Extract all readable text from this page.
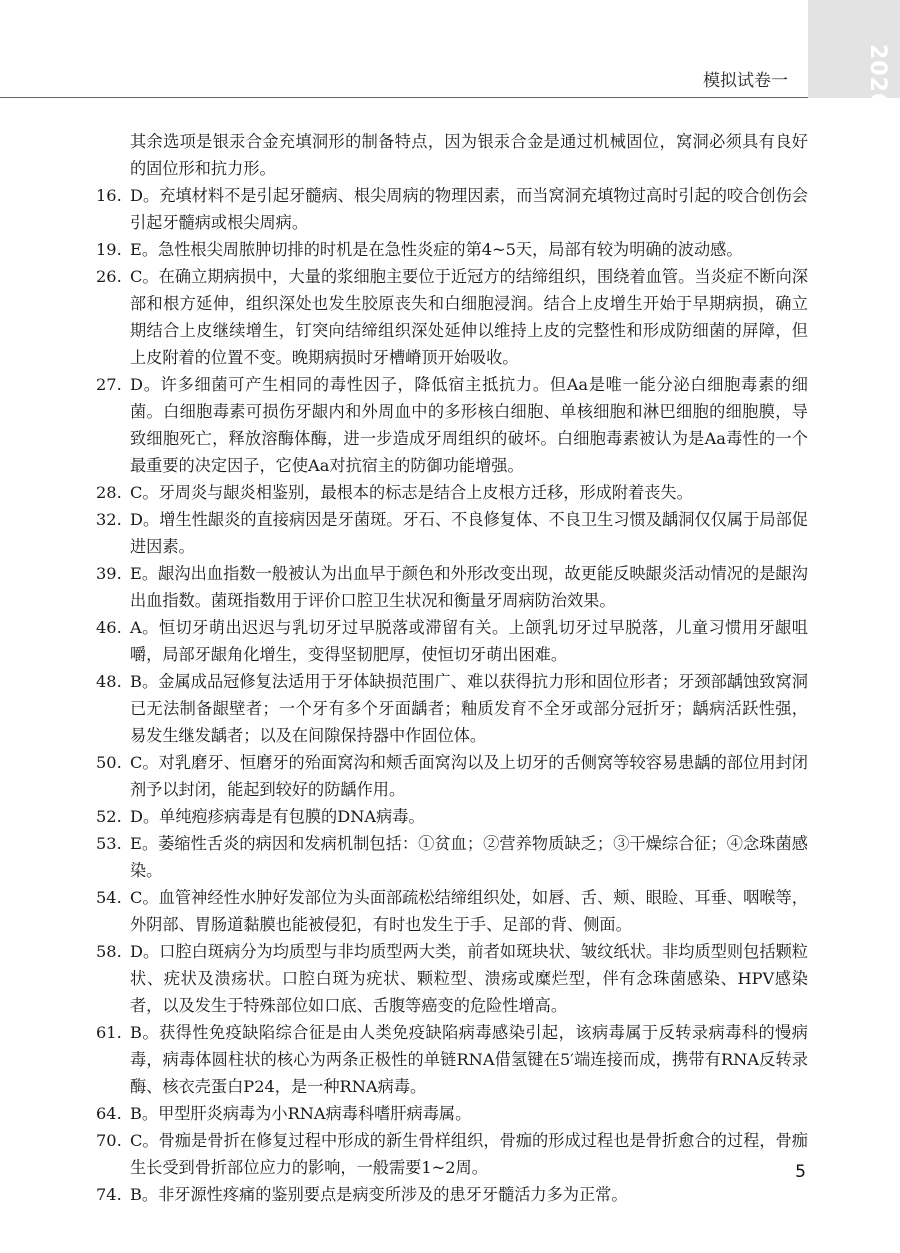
2026
模拟试卷一

其余选项是银汞合金充填洞形的制备特点，因为银汞合金是通过机械固位，窝洞必须具有良好的固位形和抗力形。

16. D。充填材料不是引起牙髓病、根尖周病的物理因素，而当窝洞充填物过高时引起的咬合创伤会引起牙髓病或根尖周病。
19. E。急性根尖周脓肿切排的时机是在急性炎症的第4~5天，局部有较为明确的波动感。
26. C。在确立期病损中，大量的浆细胞主要位于近冠方的结缔组织，围绕着血管。当炎症不断向深部和根方延伸，组织深处也发生胶原丧失和白细胞浸润。结合上皮增生开始于早期病损，确立期结合上皮继续增生，钉突向结缔组织深处延伸以维持上皮的完整性和形成防细菌的屏障，但上皮附着的位置不变。晚期病损时牙槽嵴顶开始吸收。
27. D。许多细菌可产生相同的毒性因子，降低宿主抵抗力。但Aa是唯一能分泌白细胞毒素的细菌。白细胞毒素可损伤牙龈内和外周血中的多形核白细胞、单核细胞和淋巴细胞的细胞膜，导致细胞死亡，释放溶酶体酶，进一步造成牙周组织的破坏。白细胞毒素被认为是Aa毒性的一个最重要的决定因子，它使Aa对抗宿主的防御功能增强。
28. C。牙周炎与龈炎相鉴别，最根本的标志是结合上皮根方迁移，形成附着丧失。
32. D。增生性龈炎的直接病因是牙菌斑。牙石、不良修复体、不良卫生习惯及龋洞仅仅属于局部促进因素。
39. E。龈沟出血指数一般被认为出血早于颜色和外形改变出现，故更能反映龈炎活动情况的是龈沟出血指数。菌斑指数用于评价口腔卫生状况和衡量牙周病防治效果。
46. A。恒切牙萌出迟迟与乳切牙过早脱落或滞留有关。上颌乳切牙过早脱落，儿童习惯用牙龈咀嚼，局部牙龈角化增生，变得坚韧肥厚，使恒切牙萌出困难。
48. B。金属成品冠修复法适用于牙体缺损范围广、难以获得抗力形和固位形者；牙颈部龋蚀致窝洞已无法制备龈壁者；一个牙有多个牙面龋者；釉质发育不全牙或部分冠折牙；龋病活跃性强，易发生继发龋者；以及在间隙保持器中作固位体。
50. C。对乳磨牙、恒磨牙的殆面窝沟和颊舌面窝沟以及上切牙的舌侧窝等较容易患龋的部位用封闭剂予以封闭，能起到较好的防龋作用。
52. D。单纯疱疹病毒是有包膜的DNA病毒。
53. E。萎缩性舌炎的病因和发病机制包括：①贫血；②营养物质缺乏；③干燥综合征；④念珠菌感染。
54. C。血管神经性水肿好发部位为头面部疏松结缔组织处，如唇、舌、颊、眼睑、耳垂、咽喉等，外阴部、胃肠道黏膜也能被侵犯，有时也发生于手、足部的背、侧面。
58. D。口腔白斑病分为均质型与非均质型两大类，前者如斑块状、皱纹纸状。非均质型则包括颗粒状、疣状及溃疡状。口腔白斑为疣状、颗粒型、溃疡或糜烂型，伴有念珠菌感染、HPV感染者，以及发生于特殊部位如口底、舌腹等癌变的危险性增高。
61. B。获得性免疫缺陷综合征是由人类免疫缺陷病毒感染引起，该病毒属于反转录病毒科的慢病毒，病毒体圆柱状的核心为两条正极性的单链RNA借氢键在5′端连接而成，携带有RNA反转录酶、核衣壳蛋白P24，是一种RNA病毒。
64. B。甲型肝炎病毒为小RNA病毒科嗜肝病毒属。
70. C。骨痂是骨折在修复过程中形成的新生骨样组织，骨痂的形成过程也是骨折愈合的过程，骨痂生长受到骨折部位应力的影响，一般需要1~2周。
74. B。非牙源性疼痛的鉴别要点是病变所涉及的患牙牙髓活力多为正常。
5
